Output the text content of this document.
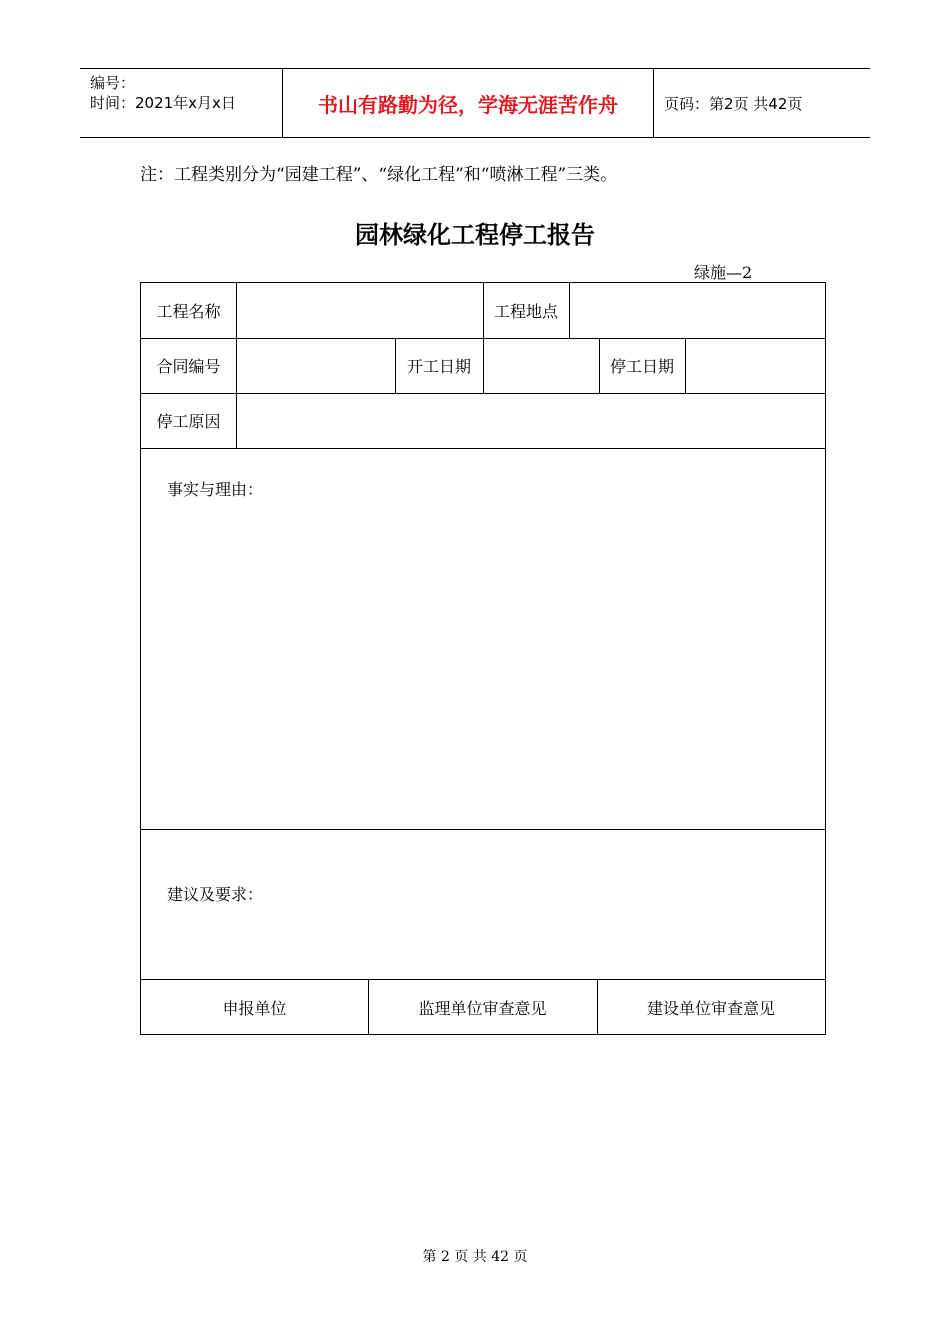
编号：
时间：2021年x月x日	书山有路勤为径，学海无涯苦作舟	页码：第2页 共42页
注：工程类别分为“园建工程”、“绿化工程”和“喷淋工程”三类。
园林绿化工程停工报告
绿施—2
工程名称	工程地点
合同编号	开工日期	停工日期
停工原因
事实与理由：
建议及要求：
申报单位	监理单位审查意见	建设单位审查意见
第 2 页 共 42 页
